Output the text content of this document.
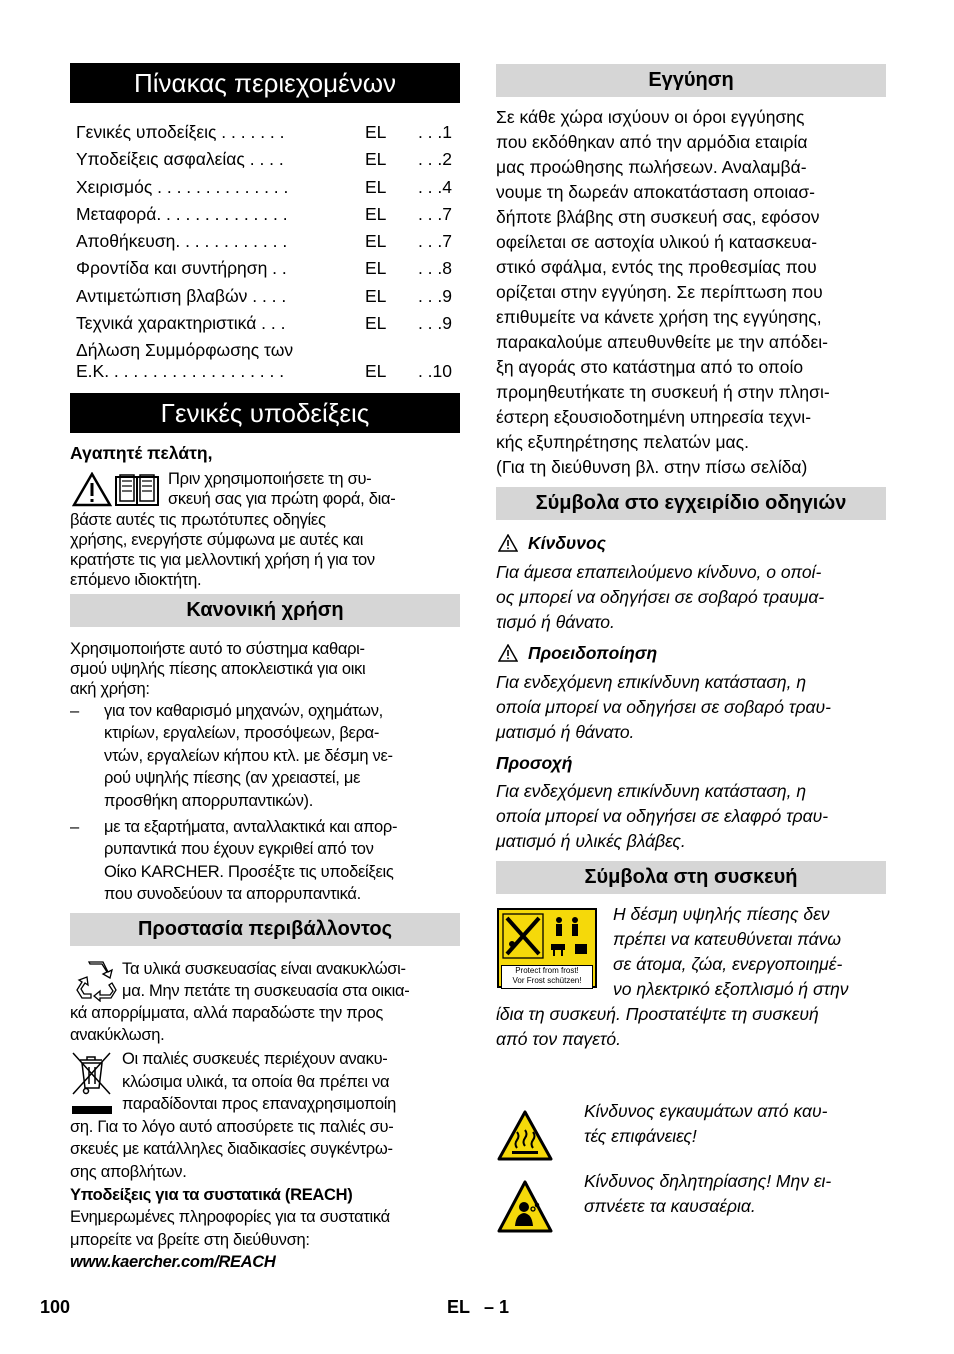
Πίνακας περιεχομένων
Γενικές υποδείξεις . . . . . . .	EL . . .1
Υποδείξεις ασφαλείας . . . .	EL . . .2
Χειρισμός . . . . . . . . . . . . . .	EL . . .4
Μεταφορά. . . . . . . . . . . . . .	EL . . .7
Αποθήκευση. . . . . . . . . . . .	EL . . .7
Φροντίδα και συντήρηση . .	EL . . .8
Αντιμετώπιση βλαβών . . . .	EL . . .9
Τεχνικά χαρακτηριστικά . . .	EL . . .9
Δήλωση Συμμόρφωσης των
Ε.Κ. . . . . . . . . . . . . . . . . . .	EL . .10
Γενικές υποδείξεις
Αγαπητέ πελάτη,
Πριν χρησιμοποιήσετε τη συ-
σκευή σας για πρώτη φορά, δια-
βάστε αυτές τις πρωτότυπες οδηγίες
χρήσης, ενεργήστε σύμφωνα με αυτές και
κρατήστε τις για μελλοντική χρήση ή για τον
επόμενο ιδιοκτήτη.
Κανονική χρήση
Χρησιμοποιήστε αυτό το σύστημα καθαρι-
σμού υψηλής πίεσης αποκλειστικά για οικι
ακή χρήση:
– για τον καθαρισμό μηχανών, οχημάτων,
κτιρίων, εργαλείων, προσόψεων, βερα-
ντών, εργαλείων κήπου κτλ. με δέσμη νε-
ρού υψηλής πίεσης (αν χρειαστεί, με
προσθήκη απορρυπαντικών).
– με τα εξαρτήματα, ανταλλακτικά και απορ-
ρυπαντικά που έχουν εγκριθεί από τον
Οίκο KARCHER. Προσέξτε τις υποδείξεις
που συνοδεύουν τα απορρυπαντικά.
Προστασία περιβάλλοντος
Τα υλικά συσκευασίας είναι ανακυκλώσι-
μα. Μην πετάτε τη συσκευασία στα οικια-
κά απορρίμματα, αλλά παραδώστε την προς
ανακύκλωση.
Οι παλιές συσκευές περιέχουν ανακυ-
κλώσιμα υλικά, τα οποία θα πρέπει να
παραδίδονται προς επαναχρησιμοποίη
ση. Για το λόγο αυτό αποσύρετε τις παλιές συ-
σκευές με κατάλληλες διαδικασίες συγκέντρω-
σης αποβλήτων.
Υποδείξεις για τα συστατικά (REACH)
Ενημερωμένες πληροφορίες για τα συστατικά
μπορείτε να βρείτε στη διεύθυνση:
www.kaercher.com/REACH
Εγγύηση
Σε κάθε χώρα ισχύουν οι όροι εγγύησης
που εκδόθηκαν από την αρμόδια εταιρία
μας προώθησης πωλήσεων. Αναλαμβά-
νουμε τη δωρεάν αποκατάσταση οποιασ-
δήποτε βλάβης στη συσκευή σας, εφόσον
οφείλεται σε αστοχία υλικού ή κατασκευα-
στικό σφάλμα, εντός της προθεσμίας που
ορίζεται στην εγγύηση. Σε περίπτωση που
επιθυμείτε να κάνετε χρήση της εγγύησης,
παρακαλούμε απευθυνθείτε με την απόδει-
ξη αγοράς στο κατάστημα από το οποίο
προμηθευτήκατε τη συσκευή ή στην πλησι-
έστερη εξουσιοδοτημένη υπηρεσία τεχνι-
κής εξυπηρέτησης πελατών μας.
(Για τη διεύθυνση βλ. στην πίσω σελίδα)
Σύμβολα στο εγχειρίδιο οδηγιών
Κίνδυνος
Για άμεσα επαπειλούμενο κίνδυνο, ο οποί-
ος μπορεί να οδηγήσει σε σοβαρό τραυμα-
τισμό ή θάνατο.
Προειδοποίηση
Για ενδεχόμενη επικίνδυνη κατάσταση, η
οποία μπορεί να οδηγήσει σε σοβαρό τραυ-
ματισμό ή θάνατο.
Προσοχή
Για ενδεχόμενη επικίνδυνη κατάσταση, η
οποία μπορεί να οδηγήσει σε ελαφρό τραυ-
ματισμό ή υλικές βλάβες.
Σύμβολα στη συσκευή
Protect from frost!
Vor Frost schützen!
Η δέσμη υψηλής πίεσης δεν
πρέπει να κατευθύνεται πάνω
σε άτομα, ζώα, ενεργοποιημέ-
νο ηλεκτρικό εξοπλισμό ή στην
ίδια τη συσκευή. Προστατέψτε τη συσκευή
από τον παγετό.
Κίνδυνος εγκαυμάτων από καυ-
τές επιφάνειες!
Κίνδυνος δηλητηρίασης! Μην ει-
σπνέετε τα καυσαέρια.
100	EL – 1
